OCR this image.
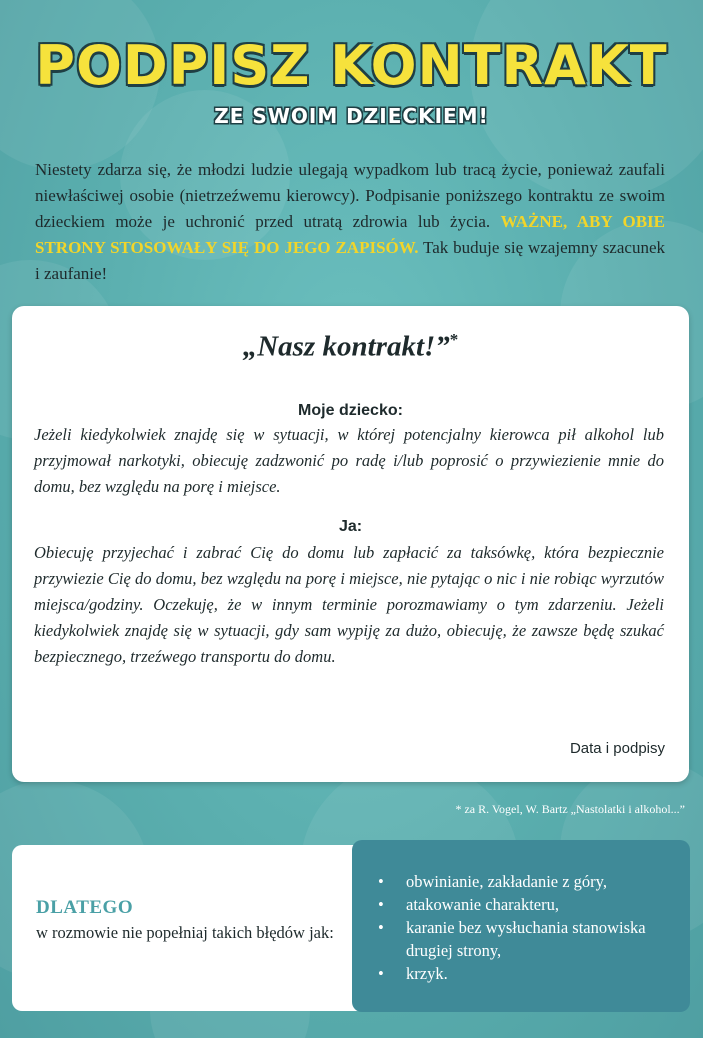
PODPISZ KONTRAKT
ZE SWOIM DZIECKIEM!
Niestety zdarza się, że młodzi ludzie ulegają wypadkom lub tracą życie, ponieważ zaufali niewłaściwej osobie (nietrzeźwemu kierowcy). Podpisanie poniższego kontraktu ze swoim dzieckiem może je uchronić przed utratą zdrowia lub życia. WAŻNE, ABY OBIE STRONY STOSOWAŁY SIĘ DO JEGO ZAPISÓW. Tak buduje się wzajemny szacunek i zaufanie!
„Nasz kontrakt!”*
Moje dziecko:
Jeżeli kiedykolwiek znajdę się w sytuacji, w której potencjalny kierowca pił alkohol lub przyjmował narkotyki, obiecuję zadzwonić po radę i/lub poprosić o przywiezienie mnie do domu, bez względu na porę i miejsce.
Ja:
Obiecuję przyjechać i zabrać Cię do domu lub zapłacić za taksówkę, która bezpiecznie przywiezie Cię do domu, bez względu na porę i miejsce, nie pytając o nic i nie robiąc wyrzutów miejsca/godziny. Oczekuję, że w innym terminie porozmawiamy o tym zdarzeniu. Jeżeli kiedykolwiek znajdę się w sytuacji, gdy sam wypiję za dużo, obiecuję, że zawsze będę szukać bezpiecznego, trzeźwego transportu do domu.
Data i podpisy
* za R. Vogel, W. Bartz „Nastolatki i alkohol...”
DLATEGO
w rozmowie nie popełniaj takich błędów jak:
• obwinianie, zakładanie z góry,
• atakowanie charakteru,
• karanie bez wysłuchania stanowiska drugiej strony,
• krzyk.
